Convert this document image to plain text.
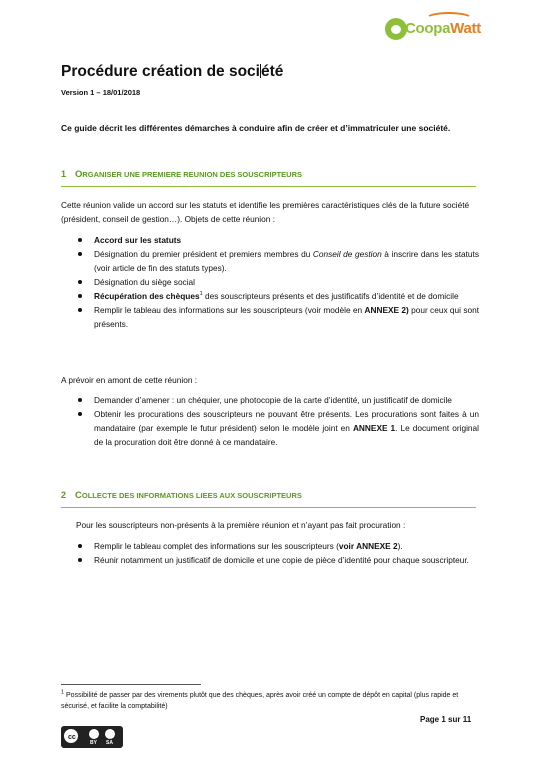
CoopaWatt
Procédure création de société
Version 1 – 18/01/2018
Ce guide décrit les différentes démarches à conduire afin de créer et d’immatriculer une société.
1 ORGANISER UNE PREMIERE REUNION DES SOUSCRIPTEURS

Cette réunion valide un accord sur les statuts et identifie les premières caractéristiques clés de la future société (président, conseil de gestion…). Objets de cette réunion :

Accord sur les statuts
Désignation du premier président et premiers membres du Conseil de gestion à inscrire dans les statuts (voir article de fin des statuts types).
Désignation du siège social
Récupération des chèques$^1$ des souscripteurs présents et des justificatifs d’identité et de domicile
Remplir le tableau des informations sur les souscripteurs (voir modèle en ANNEXE 2) pour ceux qui sont présents.

A prévoir en amont de cette réunion :

Demander d’amener : un chéquier, une photocopie de la carte d’identité, un justificatif de domicile
Obtenir les procurations des souscripteurs ne pouvant être présents. Les procurations sont faites à un mandataire (par exemple le futur président) selon le modèle joint en ANNEXE 1. Le document original de la procuration doit être donné à ce mandataire.
2 COLLECTE DES INFORMATIONS LIEES AUX SOUSCRIPTEURS

Pour les souscripteurs non-présents à la première réunion et n’ayant pas fait procuration :

Remplir le tableau complet des informations sur les souscripteurs (voir ANNEXE 2).
Réunir notamment un justificatif de domicile et une copie de pièce d’identité pour chaque souscripteur.
$^1$ Possibilité de passer par des virements plutôt que des chèques, après avoir créé un compte de dépôt en capital (plus rapide et sécurisé, et facilite la comptabilité)
Page 1 sur 11
cc
BY SA
